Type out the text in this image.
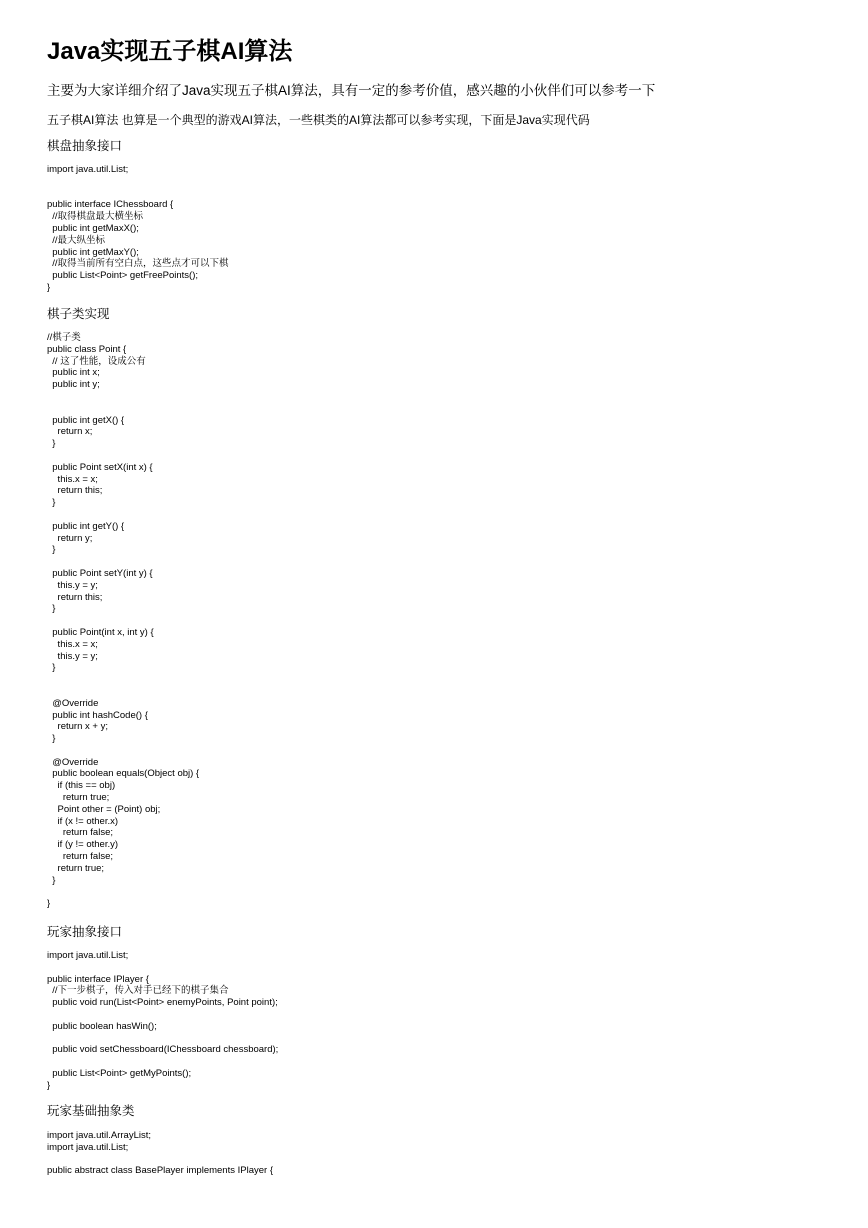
Java实现五子棋AI算法

主要为大家详细介绍了Java实现五子棋AI算法，具有一定的参考价值，感兴趣的小伙伴们可以参考一下

五子棋AI算法 也算是一个典型的游戏AI算法，一些棋类的AI算法都可以参考实现，下面是Java实现代码

棋盘抽象接口
import java.util.List;

public interface IChessboard {
//取得棋盘最大横坐标
public int getMaxX();
//最大纵坐标
public int getMaxY();
//取得当前所有空白点，这些点才可以下棋
public List<Point> getFreePoints();
}
棋子类实现
//棋子类
public class Point {
// 这了性能，设成公有
public int x;
public int y;

public int getX() {
return x;
}

public Point setX(int x) {
this.x = x;
return this;
}

public int getY() {
return y;
}

public Point setY(int y) {
this.y = y;
return this;
}

public Point(int x, int y) {
this.x = x;
this.y = y;
}

@Override
public int hashCode() {
return x + y;
}

@Override
public boolean equals(Object obj) {
if (this == obj)
return true;
Point other = (Point) obj;
if (x != other.x)
return false;
if (y != other.y)
return false;
return true;
}

}
玩家抽象接口
import java.util.List;

public interface IPlayer {
//下一步棋子，传入对手已经下的棋子集合
public void run(List<Point> enemyPoints, Point point);

public boolean hasWin();

public void setChessboard(IChessboard chessboard);

public List<Point> getMyPoints();
}
玩家基础抽象类
import java.util.ArrayList;
import java.util.List;

public abstract class BasePlayer implements IPlayer {
